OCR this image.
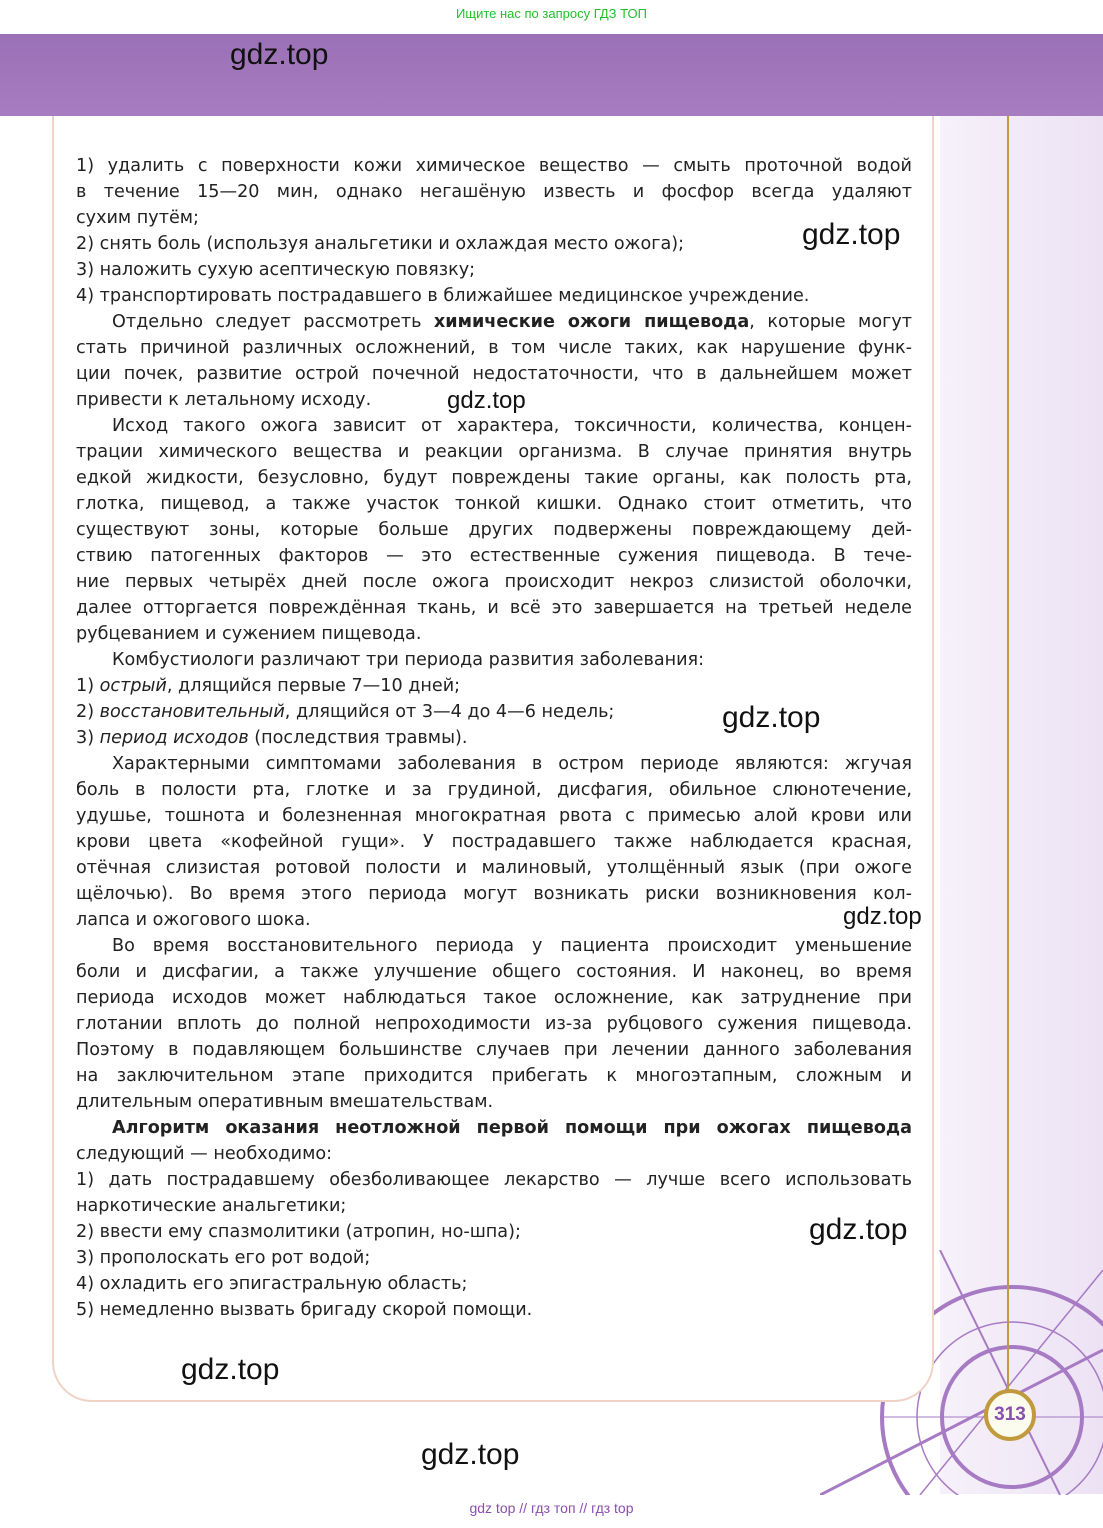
Ищите нас по запросу ГДЗ ТОП
313
1) удалить с поверхности кожи химическое вещество — смыть проточной водой
в течение 15—20 мин, однако негашёную известь и фосфор всегда удаляют
сухим путём;
2) снять боль (используя анальгетики и охлаждая место ожога);
3) наложить сухую асептическую повязку;
4) транспортировать пострадавшего в ближайшее медицинское учреждение.
Отдельно следует рассмотреть химические ожоги пищевода, которые могут
стать причиной различных осложнений, в том числе таких, как нарушение функ-
ции почек, развитие острой почечной недостаточности, что в дальнейшем может
привести к летальному исходу.
Исход такого ожога зависит от характера, токсичности, количества, концен-
трации химического вещества и реакции организма. В случае принятия внутрь
едкой жидкости, безусловно, будут повреждены такие органы, как полость рта,
глотка, пищевод, а также участок тонкой кишки. Однако стоит отметить, что
существуют зоны, которые больше других подвержены повреждающему дей-
ствию патогенных факторов — это естественные сужения пищевода. В тече-
ние первых четырёх дней после ожога происходит некроз слизистой оболочки,
далее отторгается повреждённая ткань, и всё это завершается на третьей неделе
рубцеванием и сужением пищевода.
Комбустиологи различают три периода развития заболевания:
1) острый, длящийся первые 7—10 дней;
2) восстановительный, длящийся от 3—4 до 4—6 недель;
3) период исходов (последствия травмы).
Характерными симптомами заболевания в остром периоде являются: жгучая
боль в полости рта, глотке и за грудиной, дисфагия, обильное слюнотечение,
удушье, тошнота и болезненная многократная рвота с примесью алой крови или
крови цвета «кофейной гущи». У пострадавшего также наблюдается красная,
отёчная слизистая ротовой полости и малиновый, утолщённый язык (при ожоге
щёлочью). Во время этого периода могут возникать риски возникновения кол-
лапса и ожогового шока.
Во время восстановительного периода у пациента происходит уменьшение
боли и дисфагии, а также улучшение общего состояния. И наконец, во время
периода исходов может наблюдаться такое осложнение, как затруднение при
глотании вплоть до полной непроходимости из-за рубцового сужения пищевода.
Поэтому в подавляющем большинстве случаев при лечении данного заболевания
на заключительном этапе приходится прибегать к многоэтапным, сложным и
длительным оперативным вмешательствам.
Алгоритм оказания неотложной первой помощи при ожогах пищевода
следующий — необходимо:
1) дать пострадавшему обезболивающее лекарство — лучше всего использовать
наркотические анальгетики;
2) ввести ему спазмолитики (атропин, но-шпа);
3) прополоскать его рот водой;
4) охладить его эпигастральную область;
5) немедленно вызвать бригаду скорой помощи.
gdz.top
gdz.top
gdz.top
gdz.top
gdz.top
gdz.top
gdz.top
gdz.top
gdz top // гдз топ // гдз top
